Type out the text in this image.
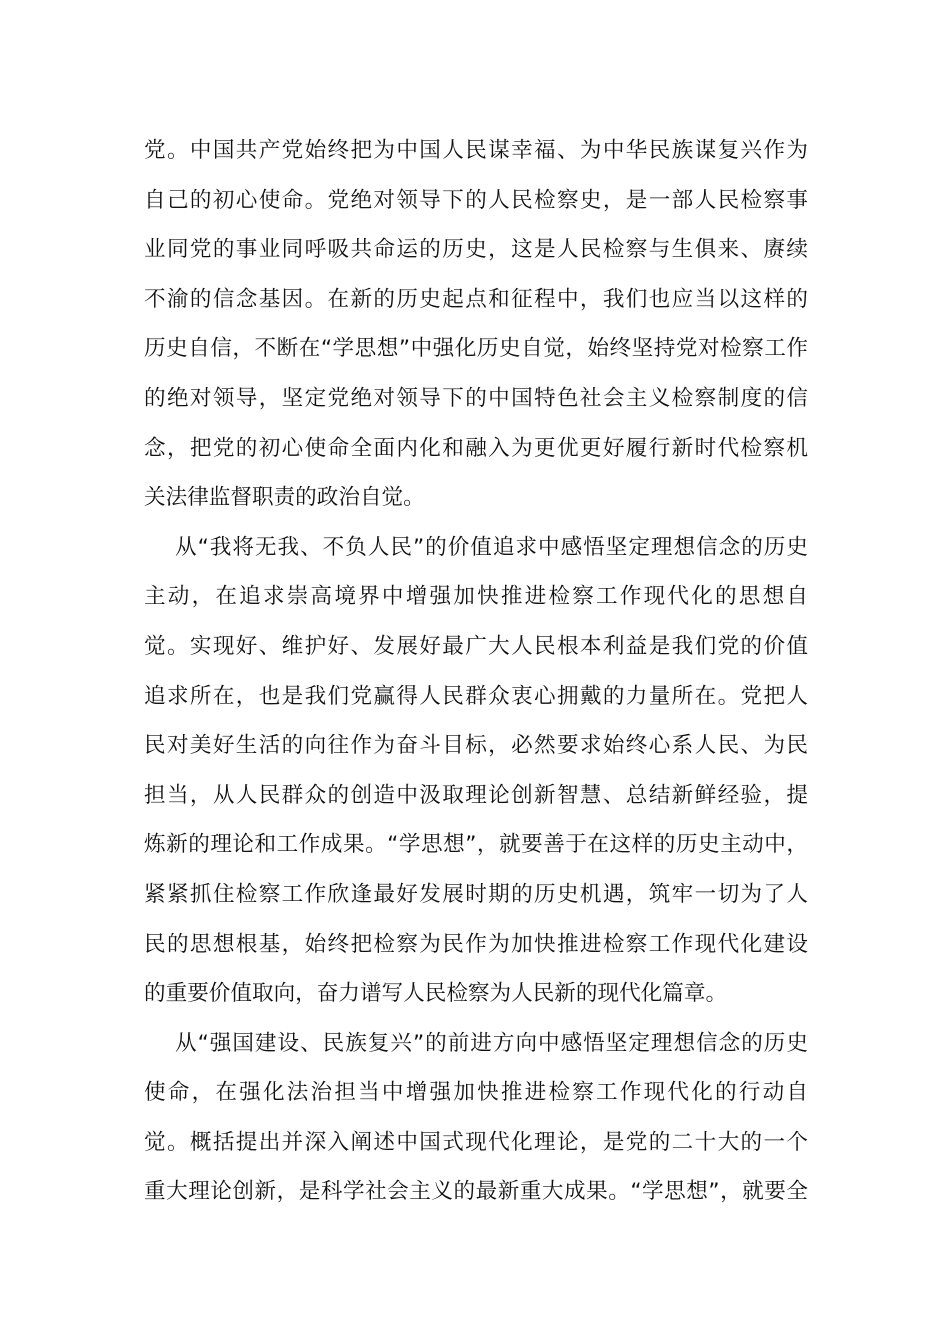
党。中国共产党始终把为中国人民谋幸福、为中华民族谋复兴作为
自己的初心使命。党绝对领导下的人民检察史，是一部人民检察事
业同党的事业同呼吸共命运的历史，这是人民检察与生俱来、赓续
不渝的信念基因。在新的历史起点和征程中，我们也应当以这样的
历史自信，不断在“学思想”中强化历史自觉，始终坚持党对检察工作
的绝对领导，坚定党绝对领导下的中国特色社会主义检察制度的信
念，把党的初心使命全面内化和融入为更优更好履行新时代检察机
关法律监督职责的政治自觉。
从“我将无我、不负人民”的价值追求中感悟坚定理想信念的历史
主动，在追求崇高境界中增强加快推进检察工作现代化的思想自
觉。实现好、维护好、发展好最广大人民根本利益是我们党的价值
追求所在，也是我们党赢得人民群众衷心拥戴的力量所在。党把人
民对美好生活的向往作为奋斗目标，必然要求始终心系人民、为民
担当，从人民群众的创造中汲取理论创新智慧、总结新鲜经验，提
炼新的理论和工作成果。“学思想”，就要善于在这样的历史主动中，
紧紧抓住检察工作欣逢最好发展时期的历史机遇，筑牢一切为了人
民的思想根基，始终把检察为民作为加快推进检察工作现代化建设
的重要价值取向，奋力谱写人民检察为人民新的现代化篇章。
从“强国建设、民族复兴”的前进方向中感悟坚定理想信念的历史
使命，在强化法治担当中增强加快推进检察工作现代化的行动自
觉。概括提出并深入阐述中国式现代化理论，是党的二十大的一个
重大理论创新，是科学社会主义的最新重大成果。“学思想”，就要全
